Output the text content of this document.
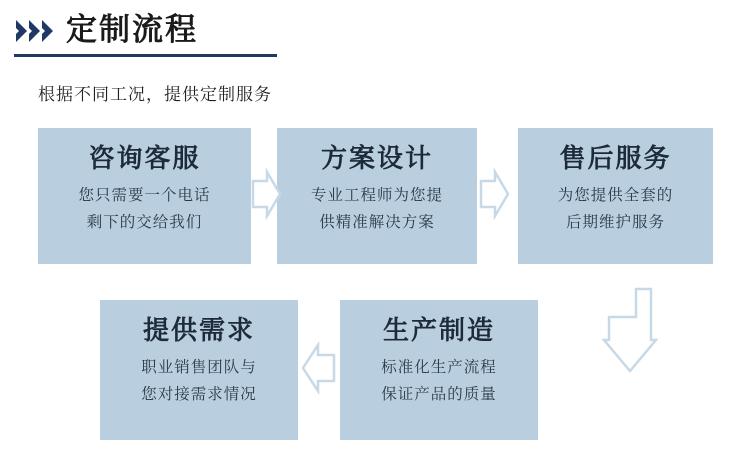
定制流程
根据不同工况，提供定制服务
咨询客服
您只需要一个电话
剩下的交给我们
方案设计
专业工程师为您提
供精准解决方案
售后服务
为您提供全套的
后期维护服务
提供需求
职业销售团队与
您对接需求情况
生产制造
标准化生产流程
保证产品的质量
